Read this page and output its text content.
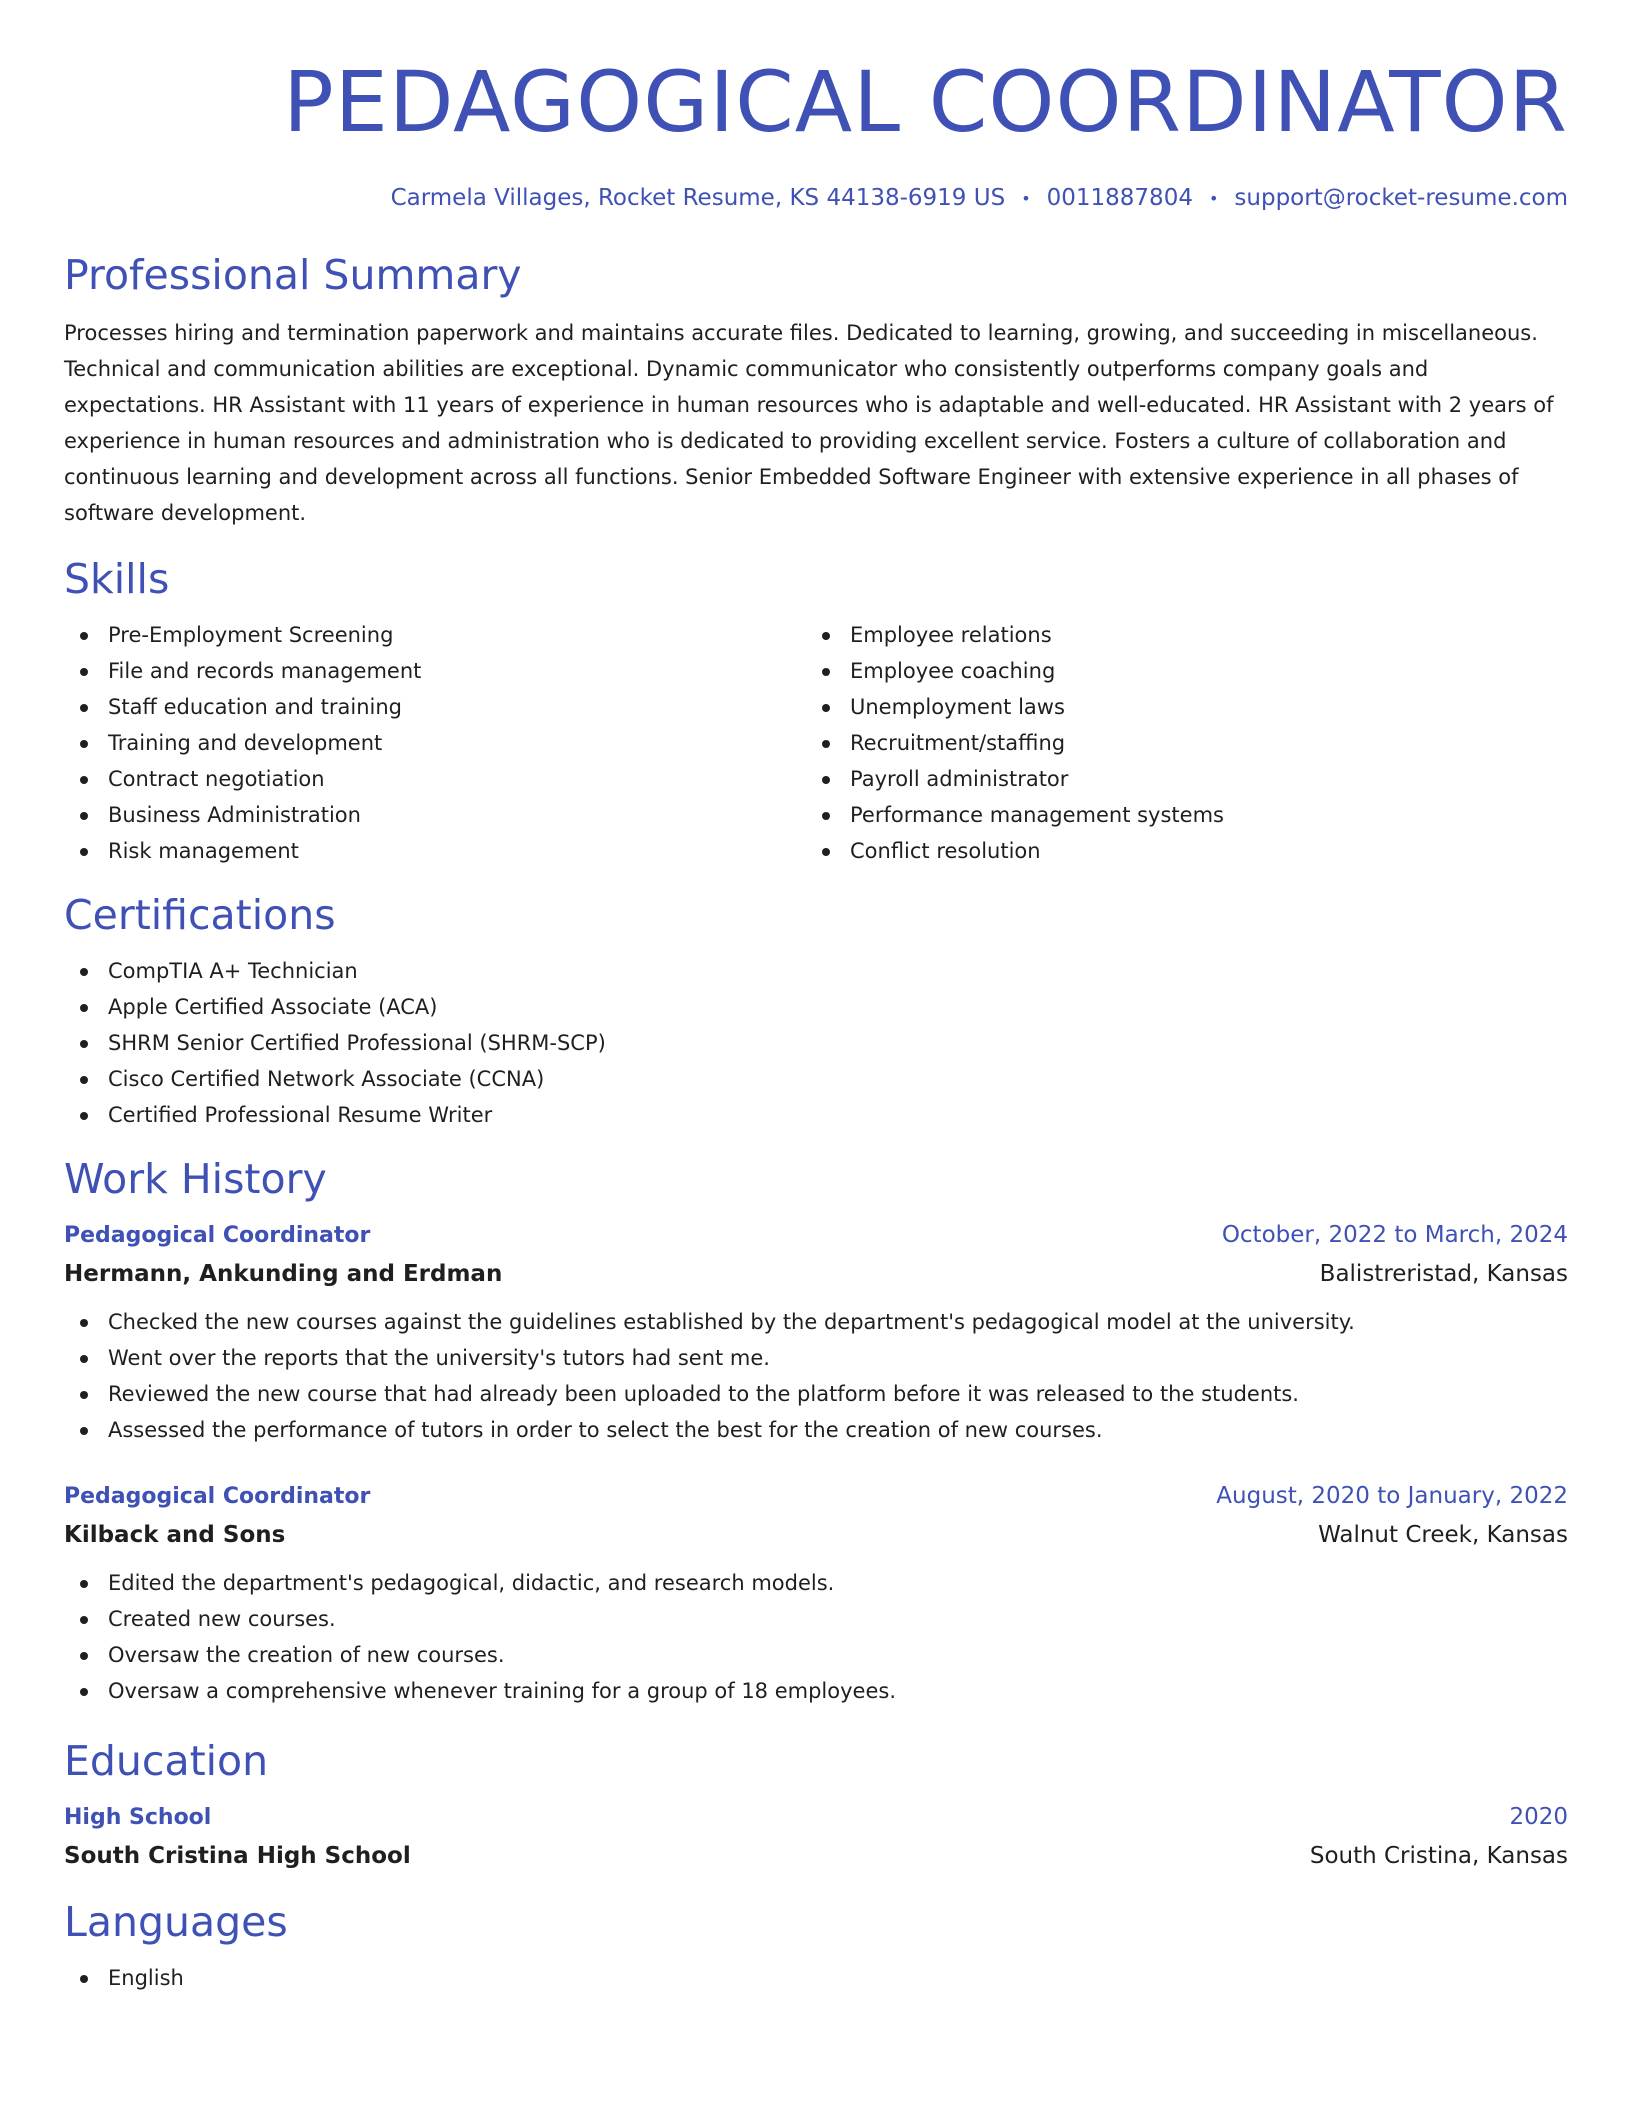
PEDAGOGICAL COORDINATOR
Carmela Villages, Rocket Resume, KS 44138-6919 US • 0011887804 • support@rocket-resume.com
Professional Summary

Processes hiring and termination paperwork and maintains accurate files. Dedicated to learning, growing, and succeeding in miscellaneous. Technical and communication abilities are exceptional. Dynamic communicator who consistently outperforms company goals and expectations. HR Assistant with 11 years of experience in human resources who is adaptable and well-educated. HR Assistant with 2 years of experience in human resources and administration who is dedicated to providing excellent service. Fosters a culture of collaboration and continuous learning and development across all functions. Senior Embedded Software Engineer with extensive experience in all phases of software development.

Skills
Pre-Employment Screening
File and records management
Staff education and training
Training and development
Contract negotiation
Business Administration
Risk management
Employee relations
Employee coaching
Unemployment laws
Recruitment/staffing
Payroll administrator
Performance management systems
Conflict resolution
Certifications
CompTIA A+ Technician
Apple Certified Associate (ACA)
SHRM Senior Certified Professional (SHRM-SCP)
Cisco Certified Network Associate (CCNA)
Certified Professional Resume Writer
Work History
Pedagogical Coordinator	October, 2022 to March, 2024
Hermann, Ankunding and Erdman	Balistreristad, Kansas
Checked the new courses against the guidelines established by the department's pedagogical model at the university.
Went over the reports that the university's tutors had sent me.
Reviewed the new course that had already been uploaded to the platform before it was released to the students.
Assessed the performance of tutors in order to select the best for the creation of new courses.
Pedagogical Coordinator	August, 2020 to January, 2022
Kilback and Sons	Walnut Creek, Kansas
Edited the department's pedagogical, didactic, and research models.
Created new courses.
Oversaw the creation of new courses.
Oversaw a comprehensive whenever training for a group of 18 employees.
Education
High School	2020
South Cristina High School	South Cristina, Kansas
Languages
English
